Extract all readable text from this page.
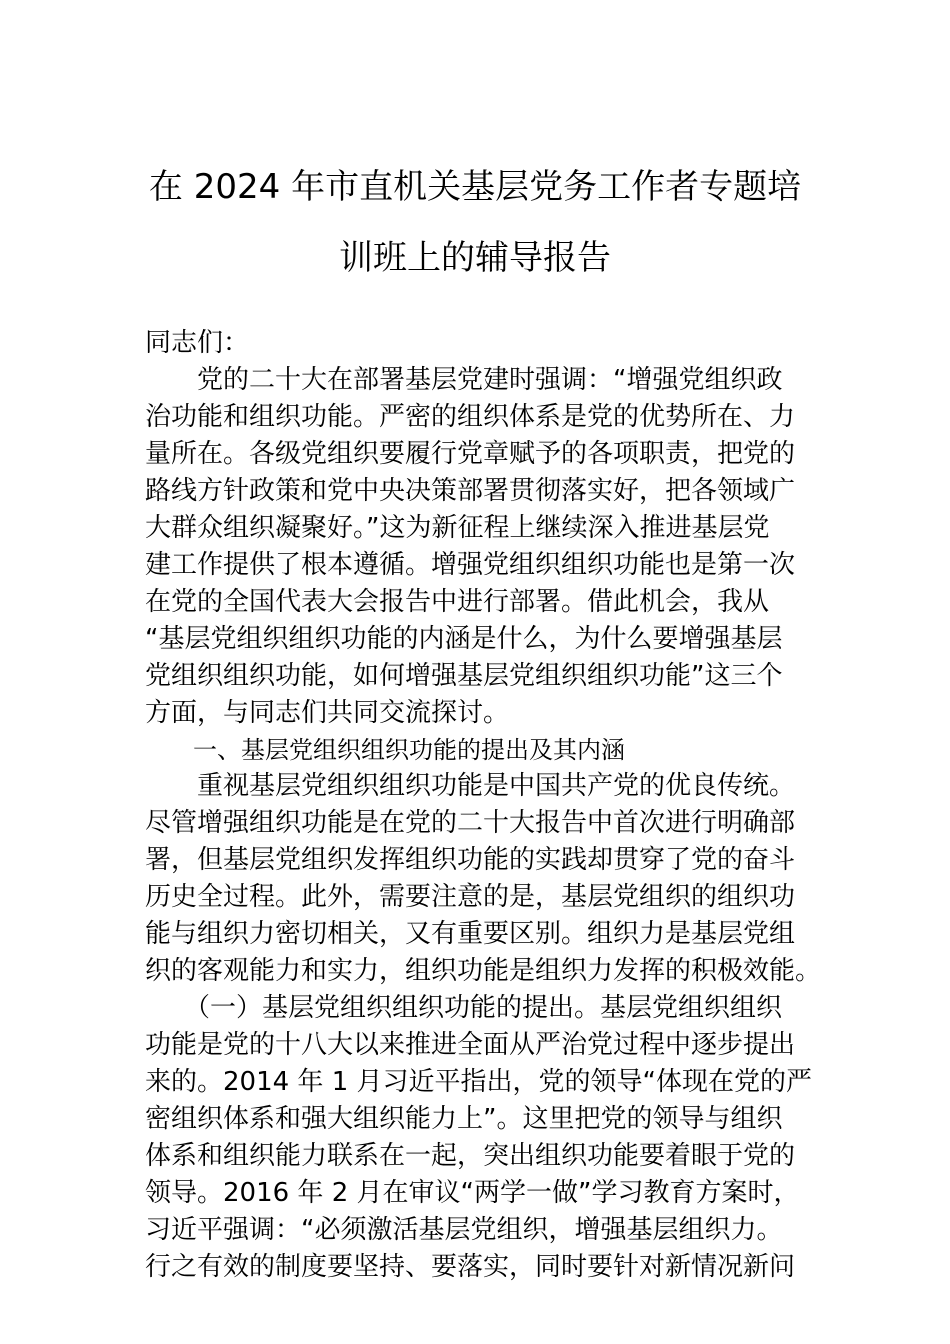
在 2024 年市直机关基层党务工作者专题培
训班上的辅导报告
同志们：
　　党的二十大在部署基层党建时强调：“增强党组织政
治功能和组织功能。严密的组织体系是党的优势所在、力
量所在。各级党组织要履行党章赋予的各项职责，把党的
路线方针政策和党中央决策部署贯彻落实好，把各领域广
大群众组织凝聚好。”这为新征程上继续深入推进基层党
建工作提供了根本遵循。增强党组织组织功能也是第一次
在党的全国代表大会报告中进行部署。借此机会，我从
“基层党组织组织功能的内涵是什么，为什么要增强基层
党组织组织功能，如何增强基层党组织组织功能”这三个
方面，与同志们共同交流探讨。
　　一、基层党组织组织功能的提出及其内涵
　　重视基层党组织组织功能是中国共产党的优良传统。
尽管增强组织功能是在党的二十大报告中首次进行明确部
署，但基层党组织发挥组织功能的实践却贯穿了党的奋斗
历史全过程。此外，需要注意的是，基层党组织的组织功
能与组织力密切相关，又有重要区别。组织力是基层党组
织的客观能力和实力，组织功能是组织力发挥的积极效能。
　　（一）基层党组织组织功能的提出。基层党组织组织
功能是党的十八大以来推进全面从严治党过程中逐步提出
来的。2014 年 1 月习近平指出，党的领导“体现在党的严
密组织体系和强大组织能力上”。这里把党的领导与组织
体系和组织能力联系在一起，突出组织功能要着眼于党的
领导。2016 年 2 月在审议“两学一做”学习教育方案时，
习近平强调：“必须激活基层党组织，增强基层组织力。
行之有效的制度要坚持、要落实，同时要针对新情况新问
